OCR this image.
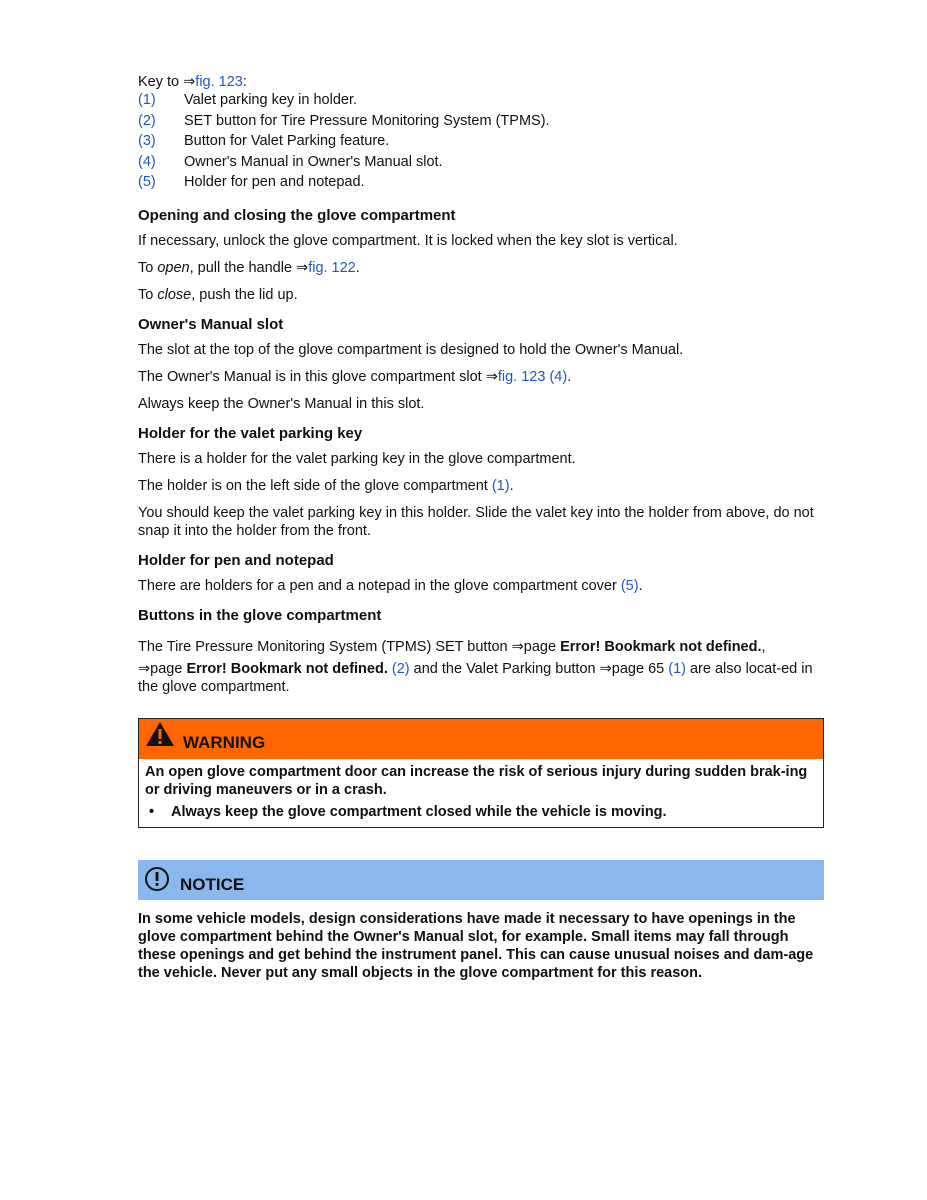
Key to ⇒fig. 123:
(1)	Valet parking key in holder.
(2)	SET button for Tire Pressure Monitoring System (TPMS).
(3)	Button for Valet Parking feature.
(4)	Owner's Manual in Owner's Manual slot.
(5)	Holder for pen and notepad.
Opening and closing the glove compartment

If necessary, unlock the glove compartment. It is locked when the key slot is vertical.

To open, pull the handle ⇒fig. 122.

To close, push the lid up.

Owner's Manual slot

The slot at the top of the glove compartment is designed to hold the Owner's Manual.

The Owner's Manual is in this glove compartment slot ⇒fig. 123 (4).

Always keep the Owner's Manual in this slot.

Holder for the valet parking key

There is a holder for the valet parking key in the glove compartment.

The holder is on the left side of the glove compartment (1).

You should keep the valet parking key in this holder. Slide the valet key into the holder from above, do not snap it into the holder from the front.

Holder for pen and notepad

There are holders for a pen and a notepad in the glove compartment cover (5).

Buttons in the glove compartment

The Tire Pressure Monitoring System (TPMS) SET button ⇒page Error! Bookmark not defined.,

⇒page Error! Bookmark not defined. (2) and the Valet Parking button ⇒page 65 (1) are also locat-ed in the glove compartment.

WARNING
An open glove compartment door can increase the risk of serious injury during sudden brak-ing or driving maneuvers or in a crash.
•	Always keep the glove compartment closed while the vehicle is moving.
NOTICE
In some vehicle models, design considerations have made it necessary to have openings in the glove compartment behind the Owner's Manual slot, for example. Small items may fall through these openings and get behind the instrument panel. This can cause unusual noises and dam-age the vehicle. Never put any small objects in the glove compartment for this reason.
